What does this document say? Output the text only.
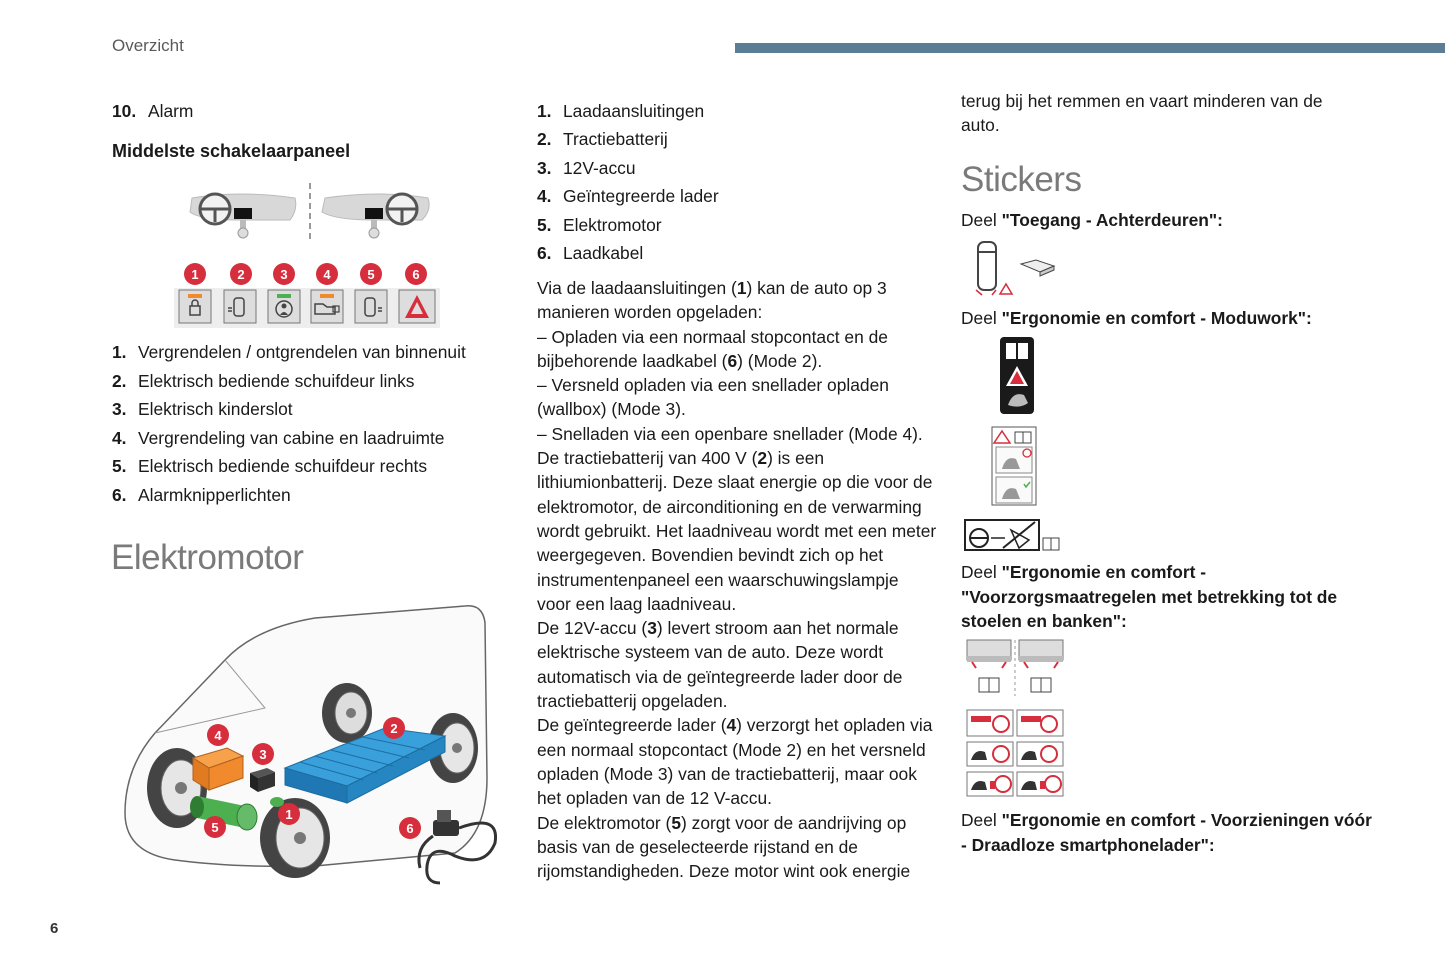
Overzicht
6
10. Alarm
Middelste schakelaarpaneel
1	2	3	4	5	6
1. Vergrendelen / ontgrendelen van binnenuit
2. Elektrisch bediende schuifdeur links
3. Elektrisch kinderslot
4. Vergrendeling van cabine en laadruimte
5. Elektrisch bediende schuifdeur rechts
6. Alarmknipperlichten
Elektromotor
4
3
2
1
5	6
1. Laadaansluitingen
2. Tractiebatterij
3. 12V-accu
4. Geïntegreerde lader
5. Elektromotor
6. Laadkabel

Via de laadaansluitingen (1) kan de auto op 3 manieren worden opgeladen:

– Opladen via een normaal stopcontact en de bijbehorende laadkabel (6) (Mode 2).

– Versneld opladen via een snellader opladen (wallbox) (Mode 3).

– Snelladen via een openbare snellader (Mode 4).

De tractiebatterij van 400 V (2) is een lithiumionbatterij. Deze slaat energie op die voor de elektromotor, de airconditioning en de verwarming wordt gebruikt. Het laadniveau wordt met een meter weergegeven. Bovendien bevindt zich op het instrumentenpaneel een waarschuwingslampje voor een laag laadniveau.

De 12V-accu (3) levert stroom aan het normale elektrische systeem van de auto. Deze wordt automatisch via de geïntegreerde lader door de tractiebatterij opgeladen.

De geïntegreerde lader (4) verzorgt het opladen via een normaal stopcontact (Mode 2) en het versneld opladen (Mode 3) van de tractiebatterij, maar ook het opladen van de 12 V-accu.

De elektromotor (5) zorgt voor de aandrijving op basis van de geselecteerde rijstand en de rijomstandigheden. Deze motor wint ook energie

terug bij het remmen en vaart minderen van de auto.
Stickers
Deel "Toegang - Achterdeuren":
Deel "Ergonomie en comfort - Moduwork":
Deel "Ergonomie en comfort - "Voorzorgsmaatregelen met betrekking tot de stoelen en banken":
Deel "Ergonomie en comfort - Voorzieningen vóór - Draadloze smartphonelader":
